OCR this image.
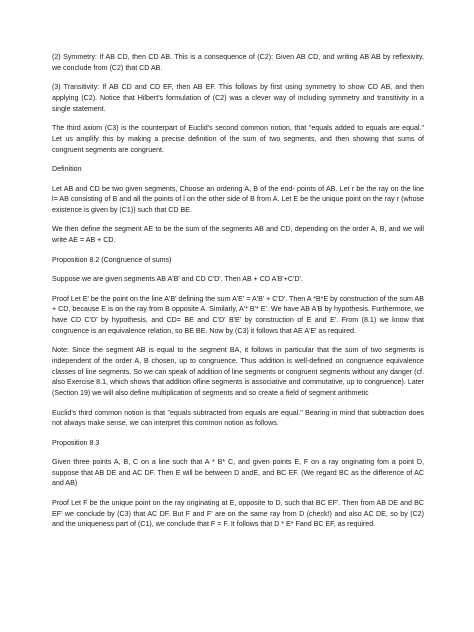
(2) Symmetry: If AB CD, then CD AB. This is a consequence of (C2): Given AB CD, and writing AB AB by reflexivity, we conclude from (C2) that CD AB.

(3) Transitivity: If AB CD and CD EF, then AB EF. This follows by first using symmetry to show CD AB, and then applying (C2). Notice that Hilbert's formulation of (C2) was a clever way of including symmetry and transitivity in a single statement.

The third axiom (C3) is the counterpart of Euclid's second common notion, that "equals added to equals are equal." Let us amplify this by making a precise definition of the sum of two segments, and then showing that sums of congruent segments are congruent.

Definition

Let AB and CD be two given segments, Choose an ordering A, B of the end- points of AB. Let r be the ray on the line l= AB consisting of B and all the points of l on the other side of B from A. Let E be the unique point on the ray r (whose existence is given by (C1)) such that CD BE.

We then define the segment AE to be the sum of the segments AB and CD, depending on the order A, B, and we will write AE = AB + CD.

Proposition 8.2 (Congruence of sums)

Suppose we are given segments AB A'B' and CD C'D'. Then AB + CD A'B'+C'D'.

Proof Let E' be the point on the line A'B' defining the sum A'E' = A'B' + C'D'. Then A *B*E by construction of the sum AB + CD, because E is on the ray from B opposite A. Similarly, A'* B'* E'. We have AB A'B by hypothesis. Furthermore, we have CD C'D' by hypothesis, and CD= BE and C'D' B'E' by construction of E and E'. From (8.1) we know that congruence is an equivalence relation, so BE BE. Now by (C3) it follows that AE A'E' as required.

Note: Since the segment AB is equal to the segment BA, it follows in particular that the sum of two segments is independent of the order A, B chosen, up to congruence. Thus addition is well-defined on congruence equivalence classes of line segments. So we can speak of addition of line segments or congruent segments without any danger (cf. also Exercise 8.1, which shows that addition ofline segments is associative and commutative, up to congruence). Later (Section 19) we will also define multiplication of segments and so create a field of segment arithmetic

Euclid's third common notion is that "equals subtracted from equals are equal." Bearing in mind that subtraction does not always make sense, we can interpret this common notion as follows.

Proposition 8.3

Given three points A, B, C on a line such that A * B* C, and given points E, F on a ray originating fom a point D, suppose that AB DE and AC DF. Then E will be between D andE, and BC EF. (We regard BC as the difference of AC and AB)

Proof Let F be the unique point on the ray originating at E, opposite to D, such that BC EF'. Then from AB DE and BC EF' we conclude by (C3) that AC DF. But F and F' are on the same ray from D (check!) and also AC DE, so by (C2) and the uniqueness part of (C1), we conclude that F = F. It follows that D * E* Fand BC EF, as required.
